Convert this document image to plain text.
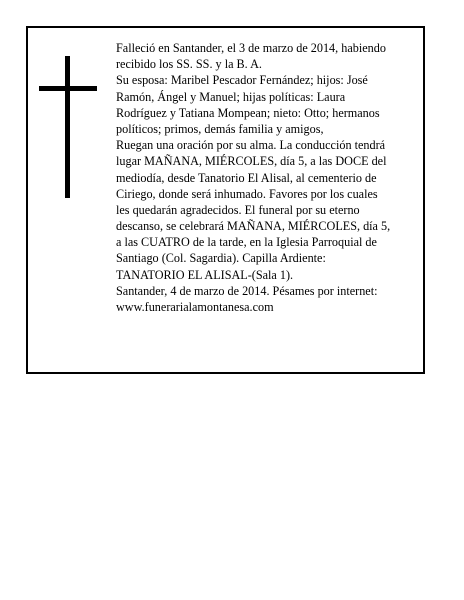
Falleció en Santander, el 3 de marzo de 2014, habiendo
recibido los SS. SS. y la B. A.
Su esposa: Maribel Pescador Fernández; hijos: José
Ramón, Ángel y Manuel; hijas políticas: Laura
Rodríguez y Tatiana Mompean; nieto: Otto; hermanos
políticos; primos, demás familia y amigos,
Ruegan una oración por su alma. La conducción tendrá
lugar MAÑANA, MIÉRCOLES, día 5, a las DOCE del
mediodía, desde Tanatorio El Alisal, al cementerio de
Ciriego, donde será inhumado. Favores por los cuales
les quedarán agradecidos. El funeral por su eterno
descanso, se celebrará MAÑANA, MIÉRCOLES, día 5,
a las CUATRO de la tarde, en la Iglesia Parroquial de
Santiago (Col. Sagardia). Capilla Ardiente:
TANATORIO EL ALISAL-(Sala 1).
Santander, 4 de marzo de 2014. Pésames por internet:
www.funerarialamontanesa.com
